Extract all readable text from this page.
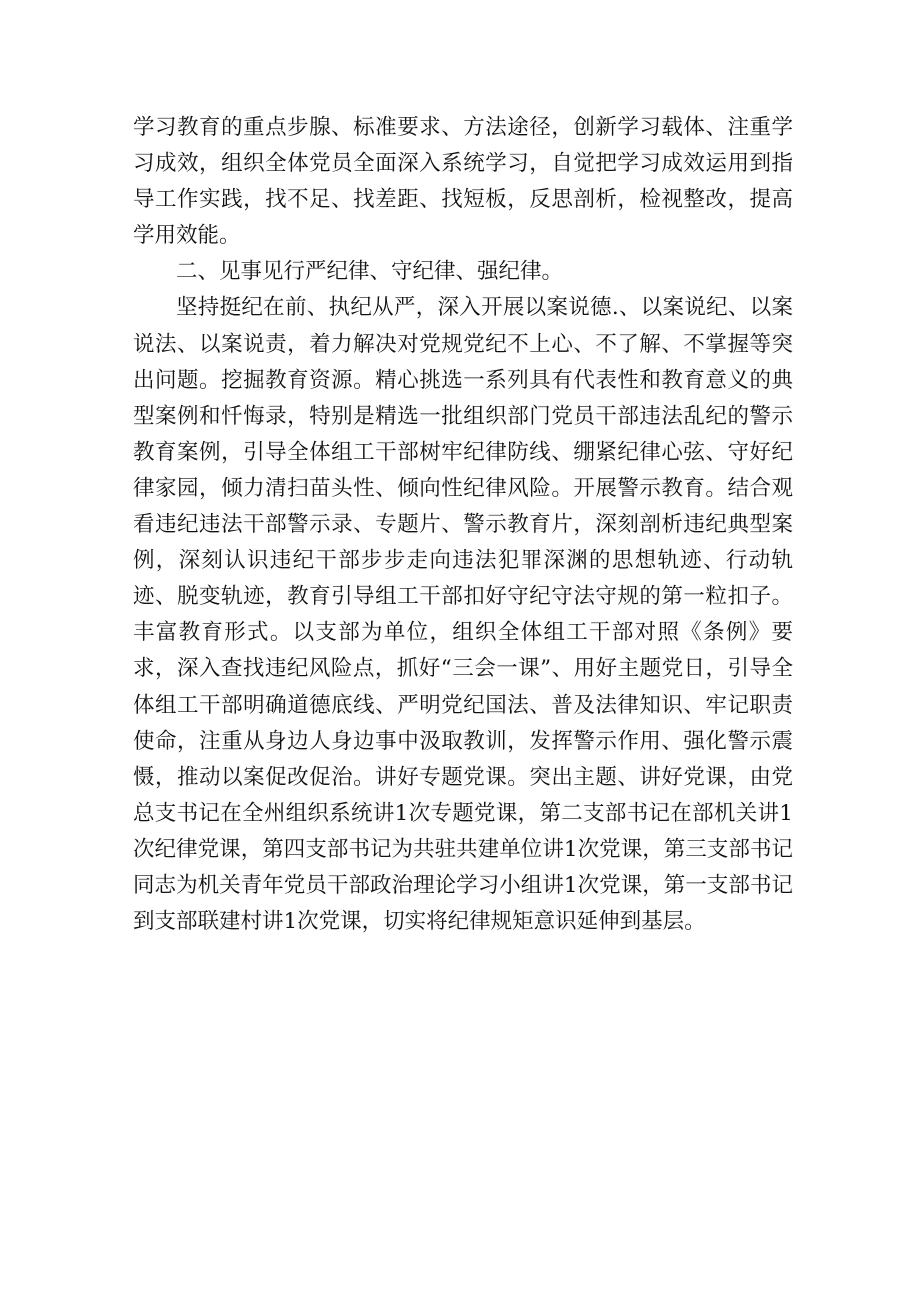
学习教育的重点步腺、标准要求、方法途径，创新学习载体、注重学习成效，组织全体党员全面深入系统学习，自觉把学习成效运用到指导工作实践，找不足、找差距、找短板，反思剖析，检视整改，提高学用效能。

二、见事见行严纪律、守纪律、强纪律。

坚持挺纪在前、执纪从严，深入开展以案说德.、以案说纪、以案说法、以案说责，着力解决对党规党纪不上心、不了解、不掌握等突出问题。挖掘教育资源。精心挑选一系列具有代表性和教育意义的典型案例和忏悔录，特别是精选一批组织部门党员干部违法乱纪的警示教育案例，引导全体组工干部树牢纪律防线、绷紧纪律心弦、守好纪律家园，倾力清扫苗头性、倾向性纪律风险。开展警示教育。结合观看违纪违法干部警示录、专题片、警示教育片，深刻剖析违纪典型案例，深刻认识违纪干部步步走向违法犯罪深渊的思想轨迹、行动轨迹、脱变轨迹，教育引导组工干部扣好守纪守法守规的第一粒扣子。丰富教育形式。以支部为单位，组织全体组工干部对照《条例》要求，深入查找违纪风险点，抓好“三会一课”、用好主题党日，引导全体组工干部明确道德底线、严明党纪国法、普及法律知识、牢记职责使命，注重从身边人身边事中汲取教训，发挥警示作用、强化警示震慑，推动以案促改促治。讲好专题党课。突出主题、讲好党课，由党总支书记在全州组织系统讲1次专题党课，第二支部书记在部机关讲1次纪律党课，第四支部书记为共驻共建单位讲1次党课，第三支部书记同志为机关青年党员干部政治理论学习小组讲1次党课，第一支部书记到支部联建村讲1次党课，切实将纪律规矩意识延伸到基层。
